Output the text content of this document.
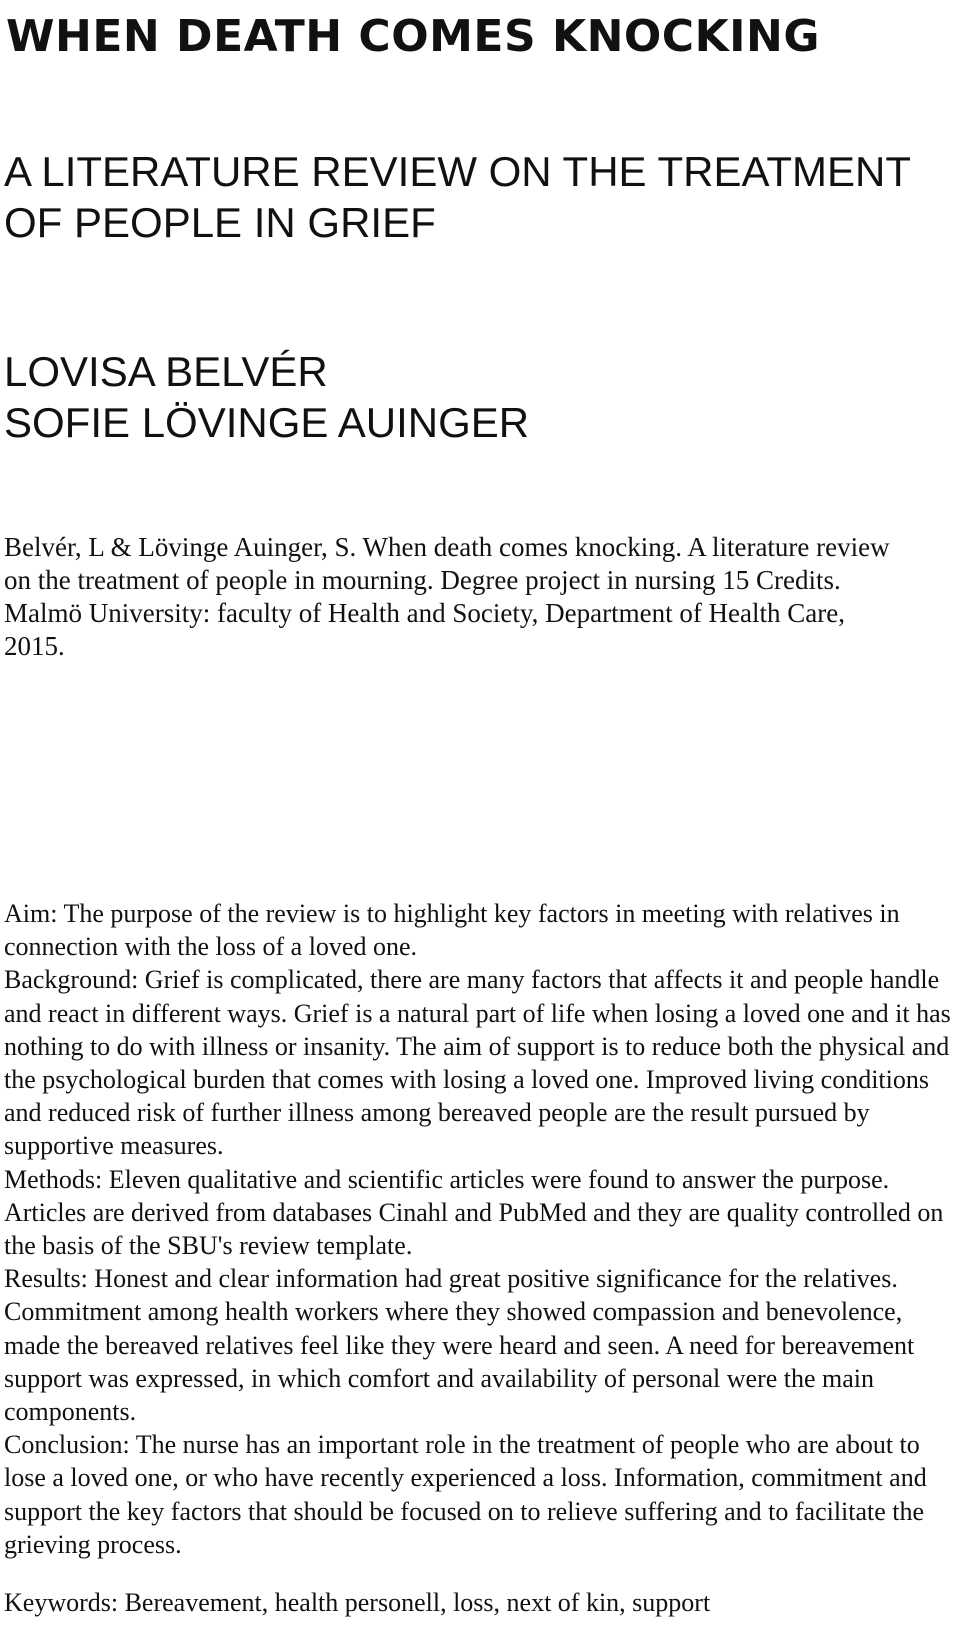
WHEN DEATH COMES KNOCKING
A LITERATURE REVIEW ON THE TREATMENT OF PEOPLE IN GRIEF
LOVISA BELVÉR
SOFIE LÖVINGE AUINGER

Belvér, L & Lövinge Auinger, S. When death comes knocking. A literature review on the treatment of people in mourning. Degree project in nursing 15 Credits. Malmö University: faculty of Health and Society, Department of Health Care, 2015.

Aim: The purpose of the review is to highlight key factors in meeting with relatives in connection with the loss of a loved one.

Background: Grief is complicated, there are many factors that affects it and people handle and react in different ways. Grief is a natural part of life when losing a loved one and it has nothing to do with illness or insanity. The aim of support is to reduce both the physical and the psychological burden that comes with losing a loved one. Improved living conditions and reduced risk of further illness among bereaved people are the result pursued by supportive measures.

Methods: Eleven qualitative and scientific articles were found to answer the purpose. Articles are derived from databases Cinahl and PubMed and they are quality controlled on the basis of the SBU's review template.

Results: Honest and clear information had great positive significance for the relatives. Commitment among health workers where they showed compassion and benevolence, made the bereaved relatives feel like they were heard and seen. A need for bereavement support was expressed, in which comfort and availability of personal were the main components.

Conclusion: The nurse has an important role in the treatment of people who are about to lose a loved one, or who have recently experienced a loss. Information, commitment and support the key factors that should be focused on to relieve suffering and to facilitate the grieving process.

Keywords: Bereavement, health personell, loss, next of kin, support
